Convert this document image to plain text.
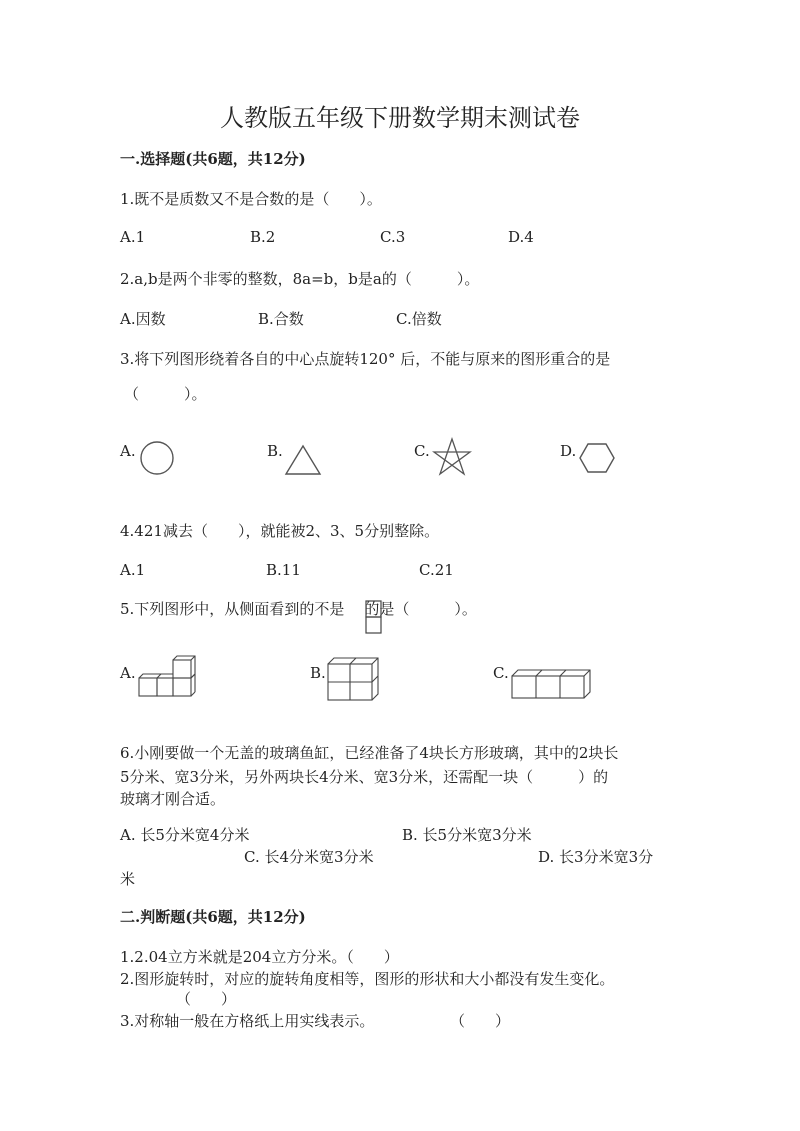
人教版五年级下册数学期末测试卷
一.选择题(共6题，共12分)
1.既不是质数又不是合数的是（　　）。
A.1	B.2	C.3	D.4
2.a,b是两个非零的整数，8a=b，b是a的（　　　）。
A.因数	B.合数	C.倍数
3.将下列图形绕着各自的中心点旋转120° 后，不能与原来的图形重合的是
（　　　）。
A.	B.	C.	D.
4.421减去（　　），就能被2、3、5分别整除。
A.1	B.11	C.21
5.下列图形中，从侧面看到的不是 的是（　　　）。
A.	B.	C.
6.小刚要做一个无盖的玻璃鱼缸，已经准备了4块长方形玻璃，其中的2块长
5分米、宽3分米，另外两块长4分米、宽3分米，还需配一块（　　　）的
玻璃才刚合适。
A. 长5分米宽4分米	B. 长5分米宽3分米
C. 长4分米宽3分米	D. 长3分米宽3分
米
二.判断题(共6题，共12分)
1.2.04立方米就是204立方分米。（　　）
2.图形旋转时，对应的旋转角度相等，图形的形状和大小都没有发生变化。
（　　）
3.对称轴一般在方格纸上用实线表示。	（　　）
